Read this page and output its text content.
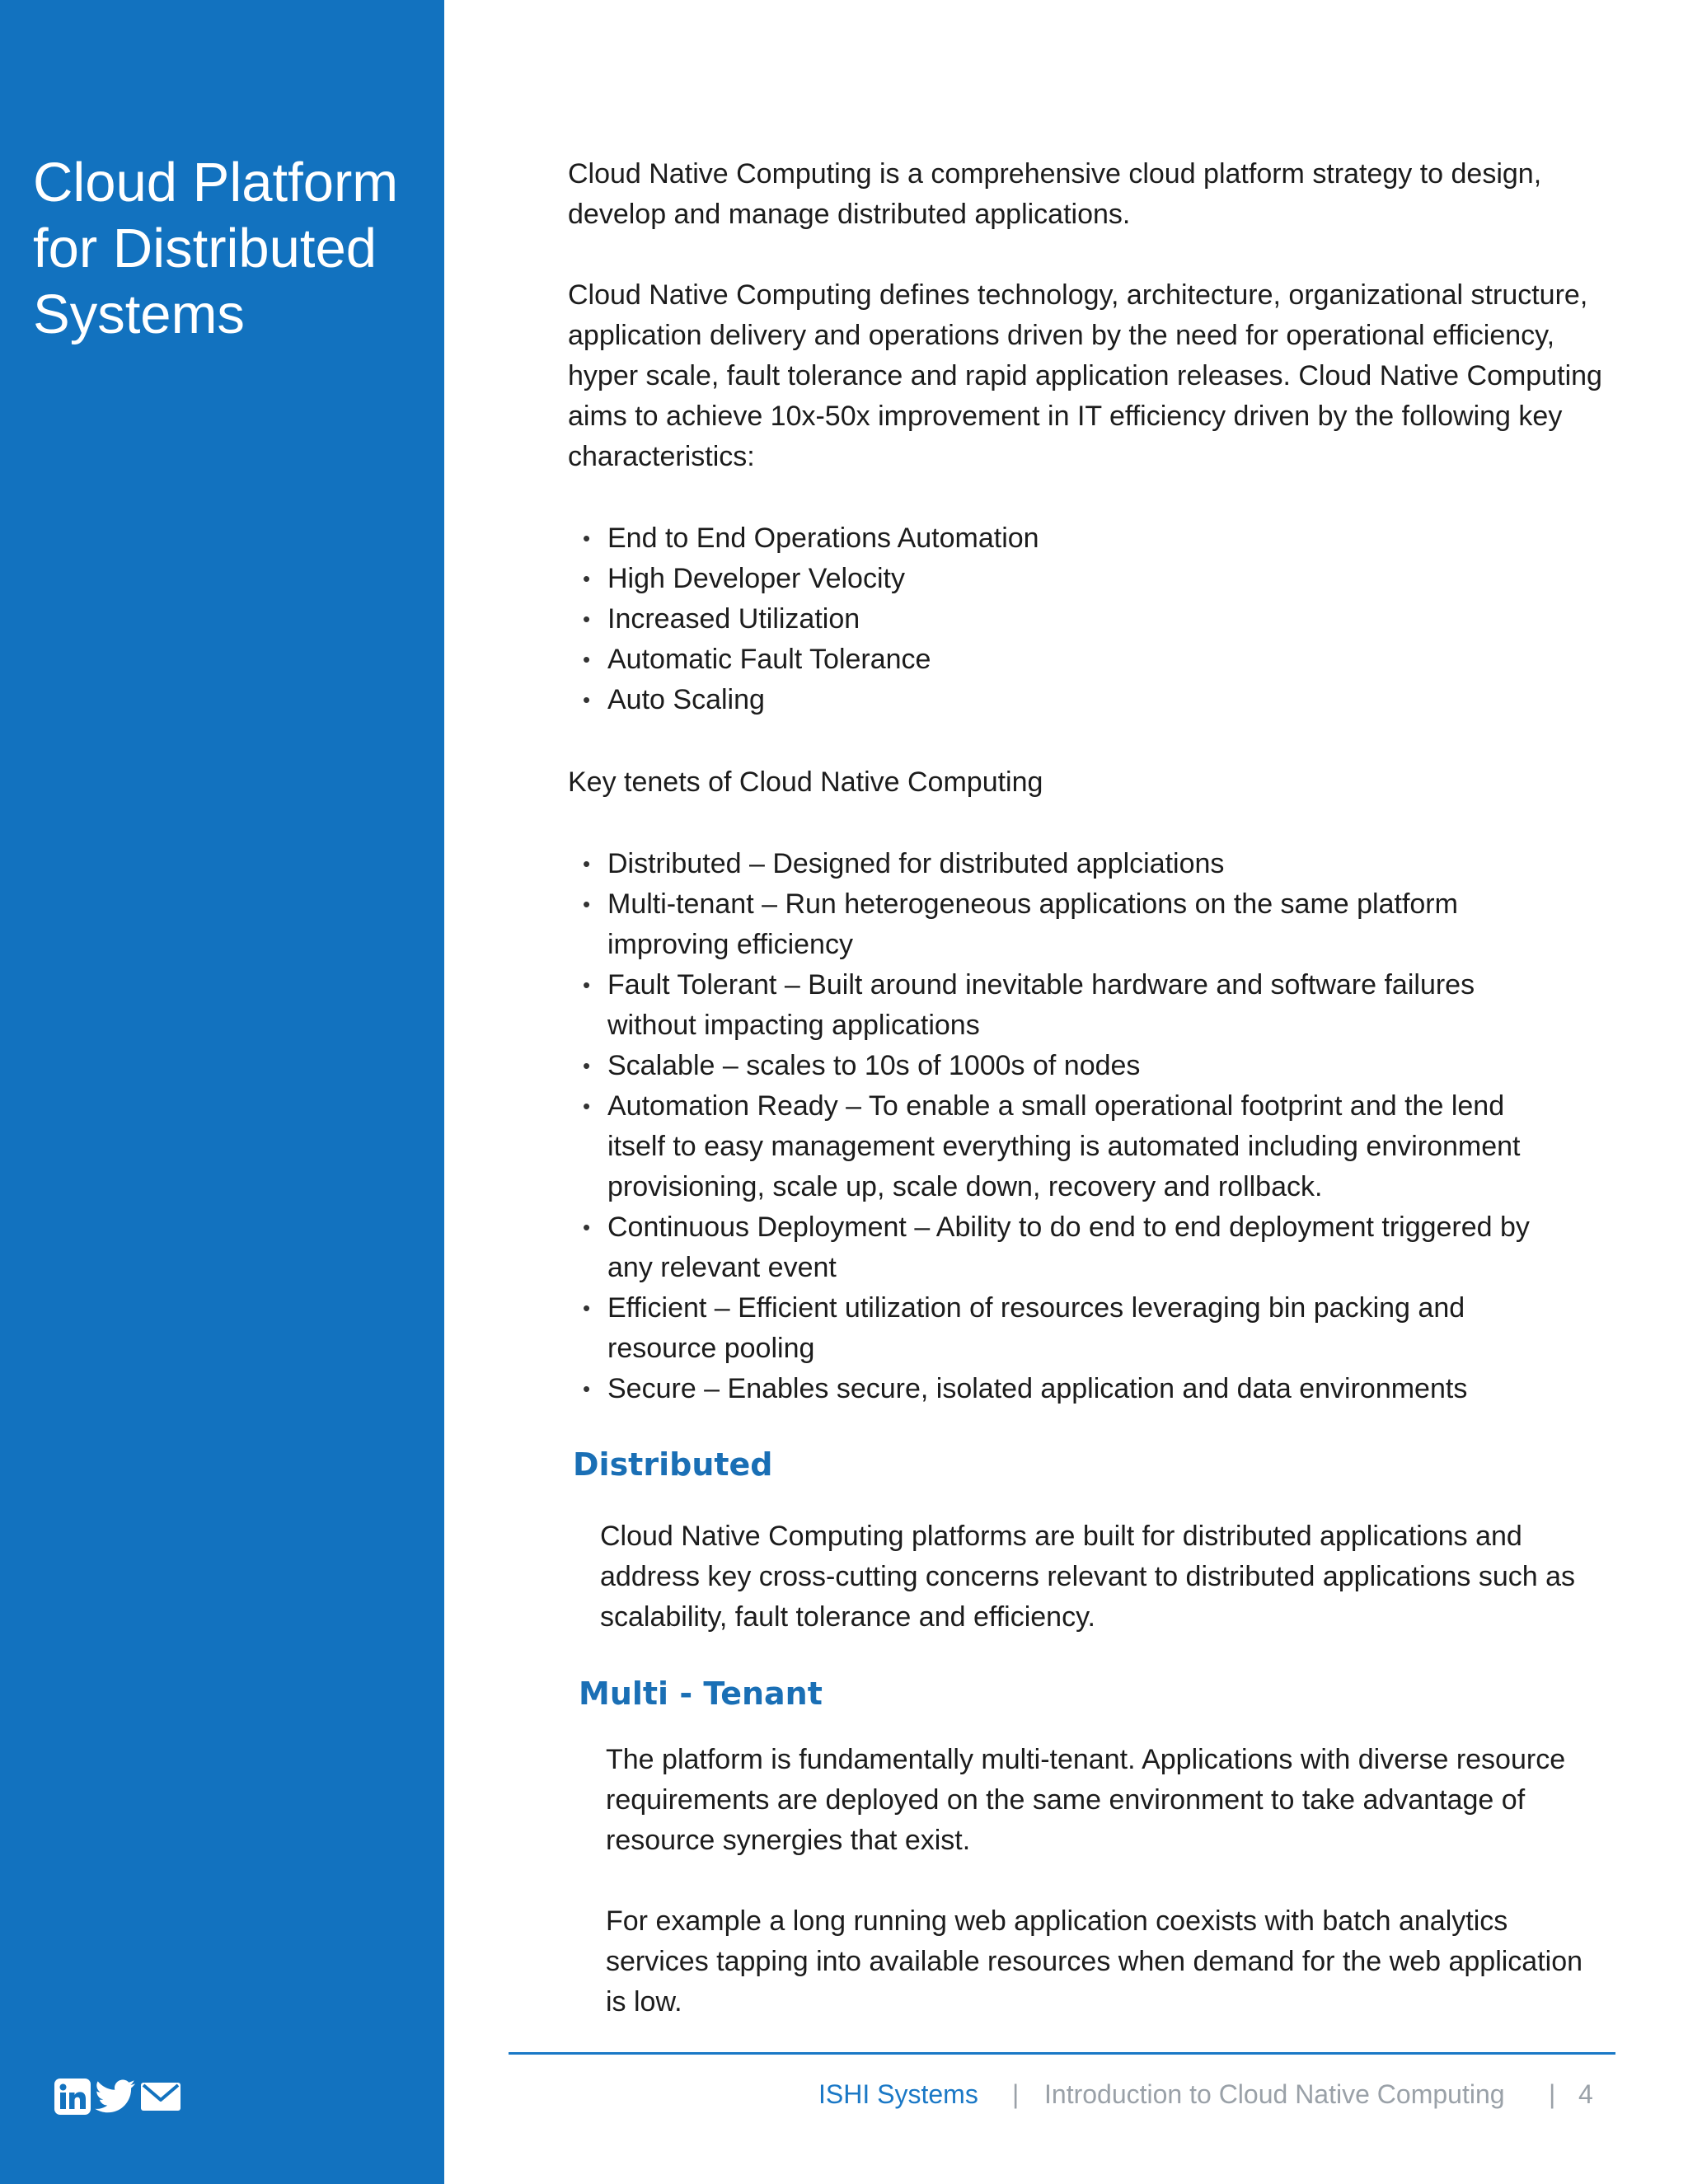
Cloud Platform
for Distributed
Systems

Cloud Native Computing is a comprehensive cloud platform strategy to design, develop and manage distributed applications.

Cloud Native Computing defines technology, architecture, organizational structure, application delivery and operations driven by the need for operational efficiency, hyper scale, fault tolerance and rapid application releases. Cloud Native Computing aims to achieve 10x-50x improvement in IT efficiency driven by the following key characteristics:

• End to End Operations Automation
• High Developer Velocity
• Increased Utilization
• Automatic Fault Tolerance
• Auto Scaling

Key tenets of Cloud Native Computing

• Distributed – Designed for distributed applciations
• Multi-tenant – Run heterogeneous applications on the same platform improving efficiency
• Fault Tolerant – Built around inevitable hardware and software failures without impacting applications
• Scalable – scales to 10s of 1000s of nodes
• Automation Ready – To enable a small operational footprint and the lend itself to easy management everything is automated including environment provisioning, scale up, scale down, recovery and rollback.
• Continuous Deployment – Ability to do end to end deployment triggered by any relevant event
• Efficient – Efficient utilization of resources leveraging bin packing and resource pooling
• Secure – Enables secure, isolated application and data environments
Distributed

Cloud Native Computing platforms are built for distributed applications and address key cross-cutting concerns relevant to distributed applications such as scalability, fault tolerance and efficiency.

Multi - Tenant

The platform is fundamentally multi-tenant. Applications with diverse resource requirements are deployed on the same environment to take advantage of resource synergies that exist.

For example a long running web application coexists with batch analytics services tapping into available resources when demand for the web application is low.

ISHI Systems | Introduction to Cloud Native Computing | 4
